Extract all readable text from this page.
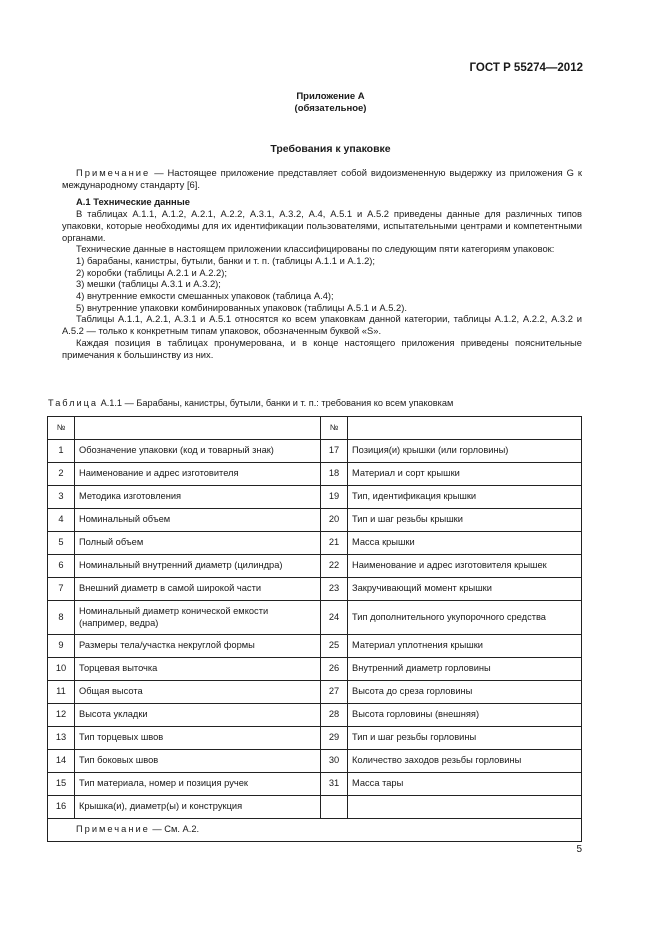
ГОСТ Р 55274—2012
Приложение А
(обязательное)
Требования к упаковке

Примечание — Настоящее приложение представляет собой видоизмененную выдержку из приложения G к международному стандарту [6].

А.1 Технические данные

В таблицах А.1.1, А.1.2, А.2.1, А.2.2, А.3.1, А.3.2, А.4, А.5.1 и А.5.2 приведены данные для различных типов упаковки, которые необходимы для их идентификации пользователями, испытательными центрами и компетентными органами.

Технические данные в настоящем приложении классифицированы по следующим пяти категориям упаковок:

1) барабаны, канистры, бутыли, банки и т. п. (таблицы А.1.1 и А.1.2);

2) коробки (таблицы А.2.1 и А.2.2);

3) мешки (таблицы А.3.1 и А.3.2);

4) внутренние емкости смешанных упаковок (таблица А.4);

5) внутренние упаковки комбинированных упаковок (таблицы А.5.1 и А.5.2).

Таблицы А.1.1, А.2.1, А.3.1 и А.5.1 относятся ко всем упаковкам данной категории, таблицы А.1.2, А.2.2, А.3.2 и А.5.2 — только к конкретным типам упаковок, обозначенным буквой «S».

Каждая позиция в таблицах пронумерована, и в конце настоящего приложения приведены пояснительные примечания к большинству из них.

Таблица А.1.1 — Барабаны, канистры, бутыли, банки и т. п.: требования ко всем упаковкам
№		№	
1	Обозначение упаковки (код и товарный знак)	17	Позиция(и) крышки (или горловины)
2	Наименование и адрес изготовителя	18	Материал и сорт крышки
3	Методика изготовления	19	Тип, идентификация крышки
4	Номинальный объем	20	Тип и шаг резьбы крышки
5	Полный объем	21	Масса крышки
6	Номинальный внутренний диаметр (цилиндра)	22	Наименование и адрес изготовителя крышек
7	Внешний диаметр в самой широкой части	23	Закручивающий момент крышки
8	Номинальный диаметр конической емкости (например, ведра)	24	Тип дополнительного укупорочного средства
9	Размеры тела/участка некруглой формы	25	Материал уплотнения крышки
10	Торцевая выточка	26	Внутренний диаметр горловины
11	Общая высота	27	Высота до среза горловины
12	Высота укладки	28	Высота горловины (внешняя)
13	Тип торцевых швов	29	Тип и шаг резьбы горловины
14	Тип боковых швов	30	Количество заходов резьбы горловины
15	Тип материала, номер и позиция ручек	31	Масса тары
16	Крышка(и), диаметр(ы) и конструкция		
Примечание — См. А.2.			
5
